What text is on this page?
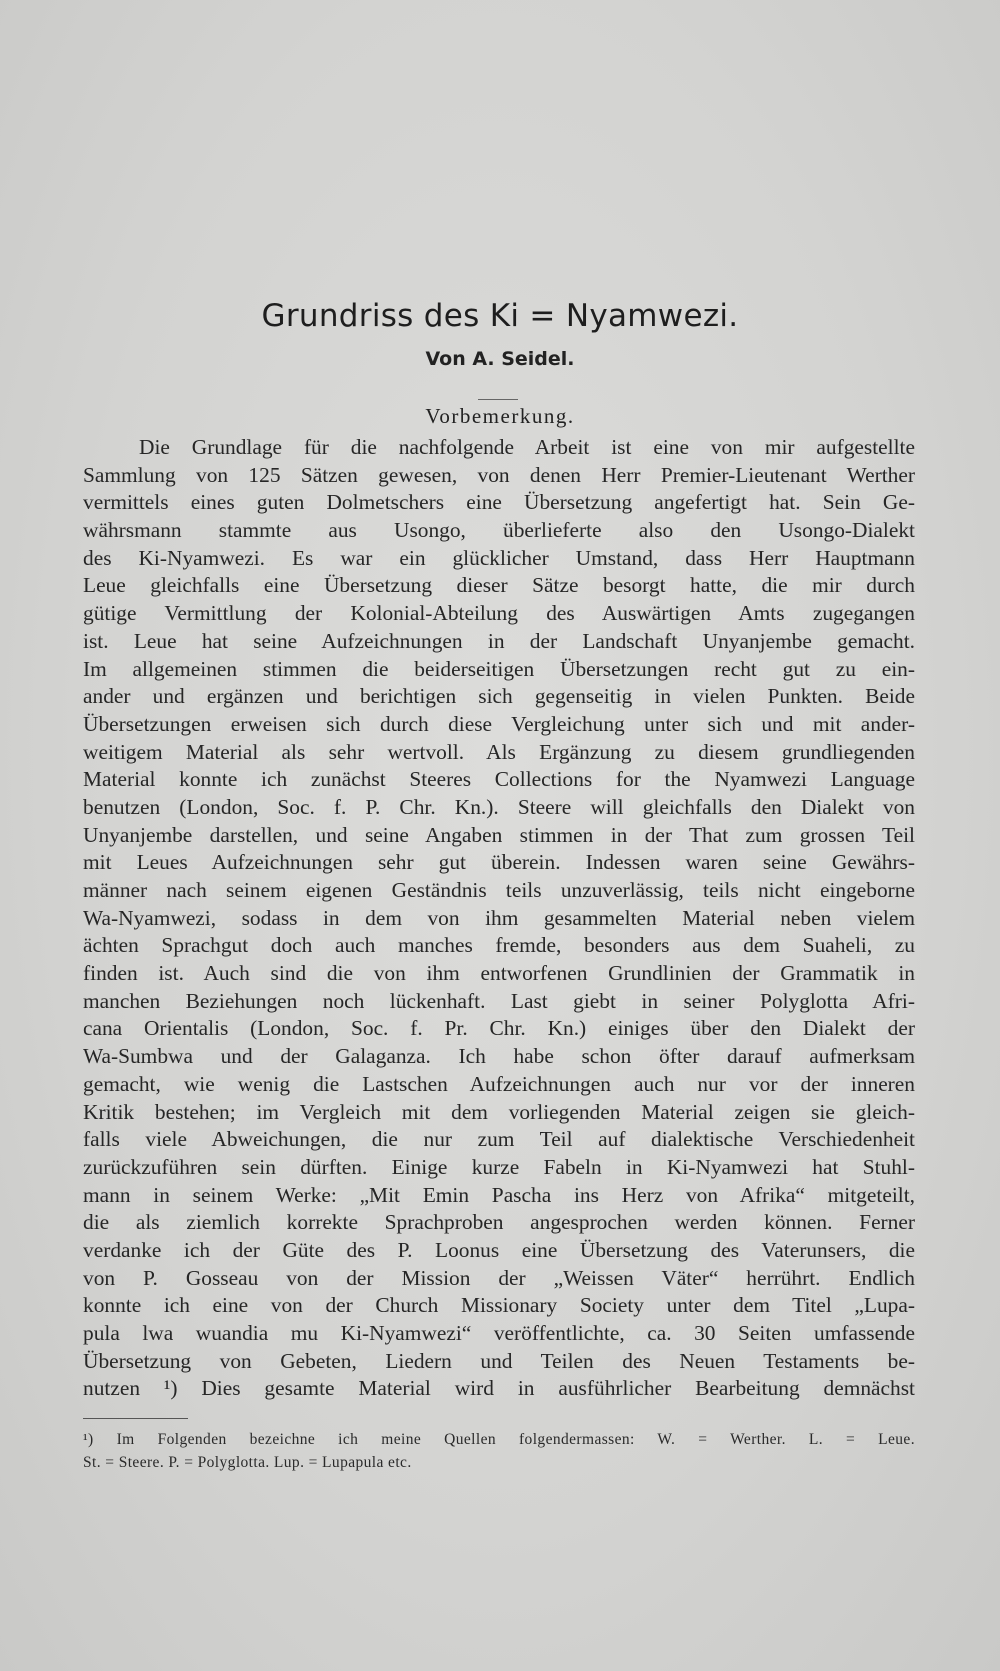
Grundriss des Ki = Nyamwezi.
Von A. Seidel.
Vorbemerkung.
Die Grundlage für die nachfolgende Arbeit ist eine von mir aufgestellte
Sammlung von 125 Sätzen gewesen, von denen Herr Premier-Lieutenant Werther
vermittels eines guten Dolmetschers eine Übersetzung angefertigt hat. Sein Ge-
währsmann stammte aus Usongo, überlieferte also den Usongo-Dialekt
des Ki-Nyamwezi. Es war ein glücklicher Umstand, dass Herr Hauptmann
Leue gleichfalls eine Übersetzung dieser Sätze besorgt hatte, die mir durch
gütige Vermittlung der Kolonial-Abteilung des Auswärtigen Amts zugegangen
ist. Leue hat seine Aufzeichnungen in der Landschaft Unyanjembe gemacht.
Im allgemeinen stimmen die beiderseitigen Übersetzungen recht gut zu ein-
ander und ergänzen und berichtigen sich gegenseitig in vielen Punkten. Beide
Übersetzungen erweisen sich durch diese Vergleichung unter sich und mit ander-
weitigem Material als sehr wertvoll. Als Ergänzung zu diesem grundliegenden
Material konnte ich zunächst Steeres Collections for the Nyamwezi Language
benutzen (London, Soc. f. P. Chr. Kn.). Steere will gleichfalls den Dialekt von
Unyanjembe darstellen, und seine Angaben stimmen in der That zum grossen Teil
mit Leues Aufzeichnungen sehr gut überein. Indessen waren seine Gewährs-
männer nach seinem eigenen Geständnis teils unzuverlässig, teils nicht eingeborne
Wa-Nyamwezi, sodass in dem von ihm gesammelten Material neben vielem
ächten Sprachgut doch auch manches fremde, besonders aus dem Suaheli, zu
finden ist. Auch sind die von ihm entworfenen Grundlinien der Grammatik in
manchen Beziehungen noch lückenhaft. Last giebt in seiner Polyglotta Afri-
cana Orientalis (London, Soc. f. Pr. Chr. Kn.) einiges über den Dialekt der
Wa-Sumbwa und der Galaganza. Ich habe schon öfter darauf aufmerksam
gemacht, wie wenig die Lastschen Aufzeichnungen auch nur vor der inneren
Kritik bestehen; im Vergleich mit dem vorliegenden Material zeigen sie gleich-
falls viele Abweichungen, die nur zum Teil auf dialektische Verschiedenheit
zurückzuführen sein dürften. Einige kurze Fabeln in Ki-Nyamwezi hat Stuhl-
mann in seinem Werke: „Mit Emin Pascha ins Herz von Afrika“ mitgeteilt,
die als ziemlich korrekte Sprachproben angesprochen werden können. Ferner
verdanke ich der Güte des P. Loonus eine Übersetzung des Vaterunsers, die
von P. Gosseau von der Mission der „Weissen Väter“ herrührt. Endlich
konnte ich eine von der Church Missionary Society unter dem Titel „Lupa-
pula lwa wuandia mu Ki-Nyamwezi“ veröffentlichte, ca. 30 Seiten umfassende
Übersetzung von Gebeten, Liedern und Teilen des Neuen Testaments be-
nutzen ¹) Dies gesamte Material wird in ausführlicher Bearbeitung demnächst
¹) Im Folgenden bezeichne ich meine Quellen folgendermassen: W. = Werther. L. = Leue.
St. = Steere. P. = Polyglotta. Lup. = Lupapula etc.
